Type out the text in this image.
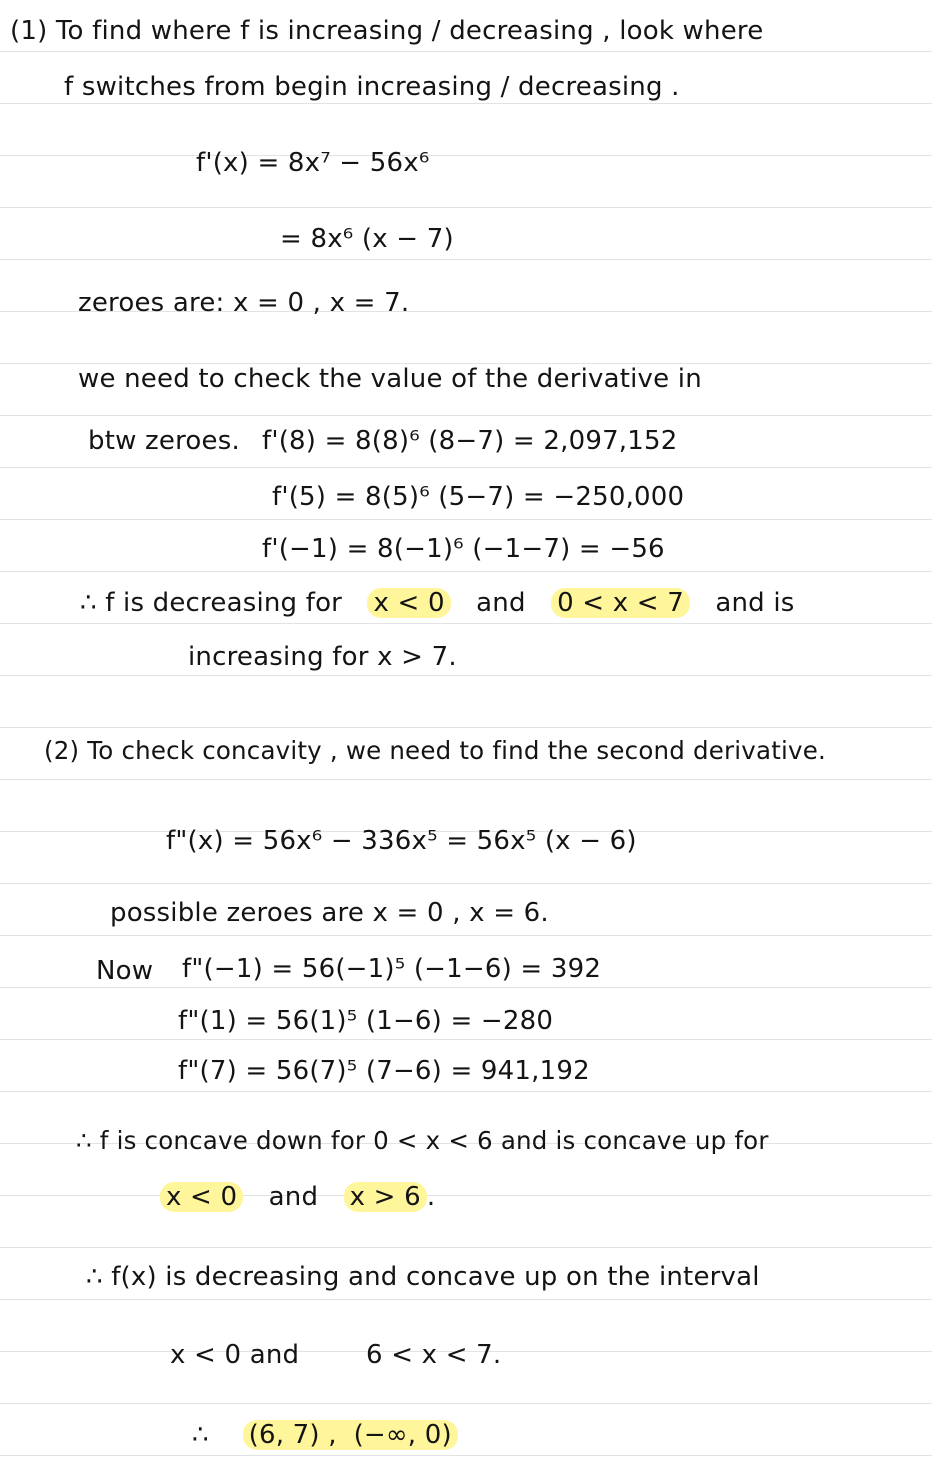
(1) To find where f is increasing / decreasing , look where
f switches from begin increasing / decreasing .
f'(x) = 8x⁷ − 56x⁶
= 8x⁶ (x − 7)
zeroes are: x = 0 , x = 7.
we need to check the value of the derivative in
btw zeroes. f'(8) = 8(8)⁶ (8−7) = 2,097,152
f'(5) = 8(5)⁶ (5−7) = −250,000
f'(−1) = 8(−1)⁶ (−1−7) = −56
∴ f is decreasing for x < 0 and 0 < x < 7 and is
increasing for x > 7.
(2) To check concavity , we need to find the second derivative.
f"(x) = 56x⁶ − 336x⁵ = 56x⁵ (x − 6)
possible zeroes are x = 0 , x = 6.
Now f"(−1) = 56(−1)⁵ (−1−6) = 392
f"(1) = 56(1)⁵ (1−6) = −280
f"(7) = 56(7)⁵ (7−6) = 941,192
∴ f is concave down for 0 < x < 6 and is concave up for
x < 0 and x > 6 .
∴ f(x) is decreasing and concave up on the interval
x < 0 and	6 < x < 7.
∴ (6, 7) ,  (−∞, 0)
